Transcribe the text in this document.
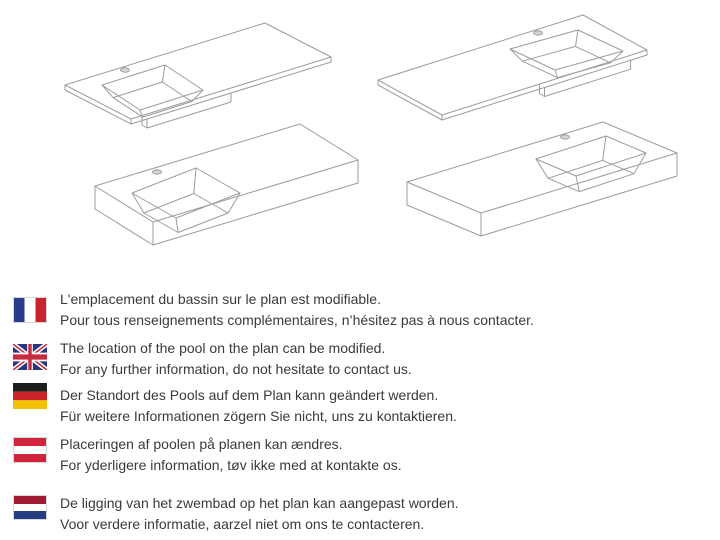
L'emplacement du bassin sur le plan est modifiable.
Pour tous renseignements complémentaires, n’hésitez pas à nous contacter.
The location of the pool on the plan can be modified.
For any further information, do not hesitate to contact us.
Der Standort des Pools auf dem Plan kann geändert werden.
Für weitere Informationen zögern Sie nicht, uns zu kontaktieren.
Placeringen af poolen på planen kan ændres.
For yderligere information, tøv ikke med at kontakte os.
De ligging van het zwembad op het plan kan aangepast worden.
Voor verdere informatie, aarzel niet om ons te contacteren.
